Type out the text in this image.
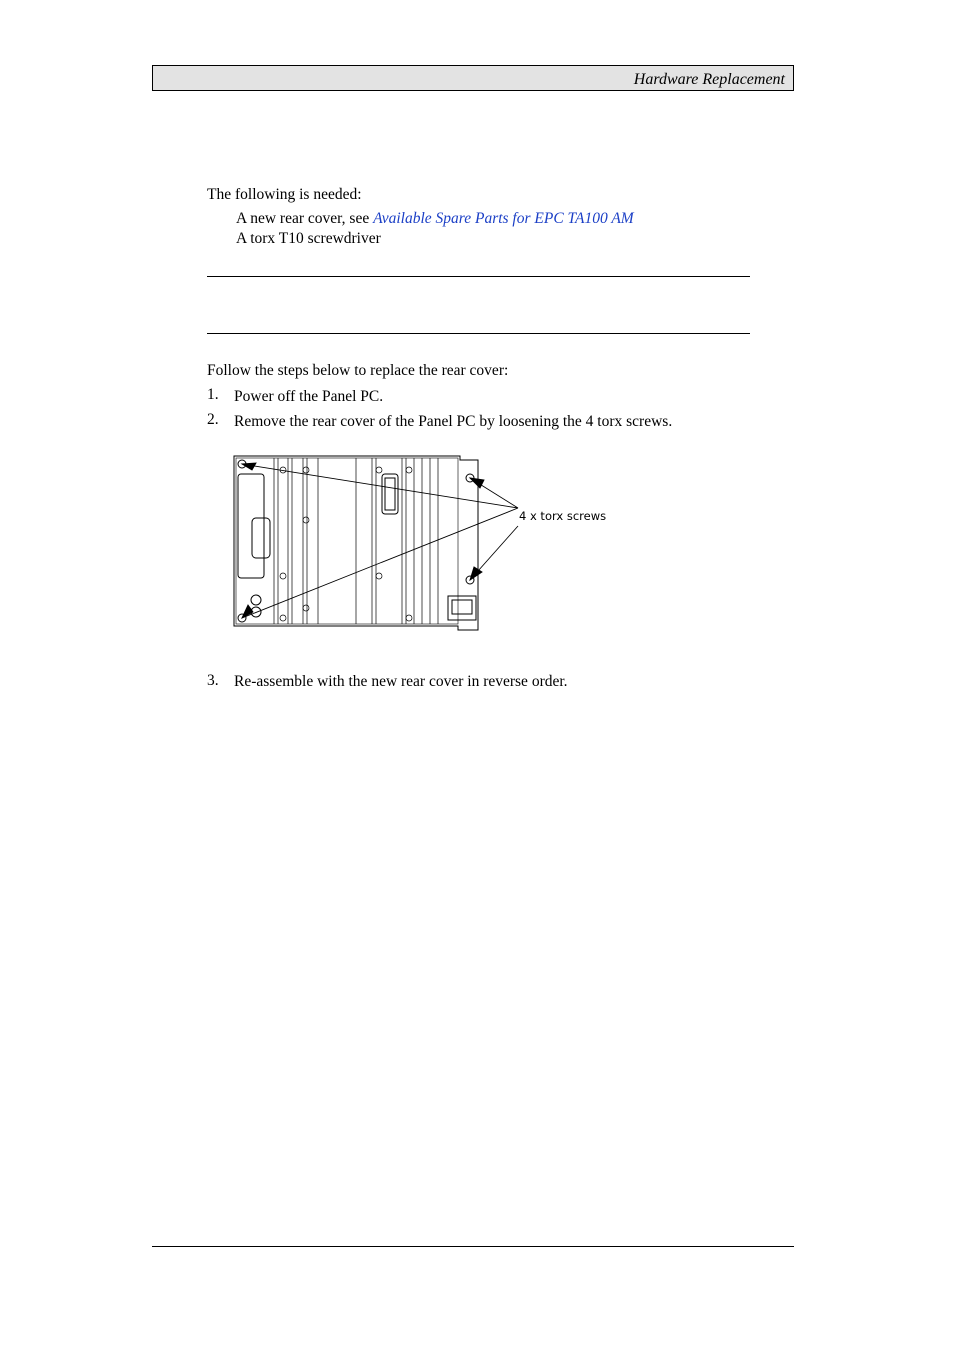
Hardware Replacement
The following is needed:
A new rear cover, see Available Spare Parts for EPC TA100 AM
A torx T10 screwdriver
Follow the steps below to replace the rear cover:
1. Power off the Panel PC.
2. Remove the rear cover of the Panel PC by loosening the 4 torx screws.
4 x torx screws
3. Re-assemble with the new rear cover in reverse order.
